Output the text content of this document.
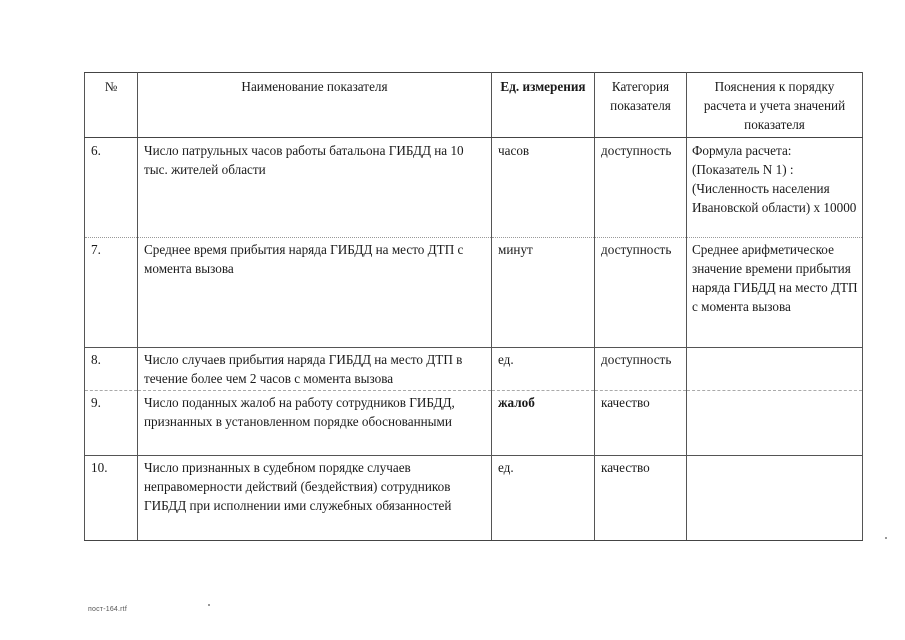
№	Наименование показателя	Ед. измерения	Категория показателя	Пояснения к порядку расчета и учета значений показателя
6.	Число патрульных часов работы батальона ГИБДД на 10 тыс. жителей области	часов	доступность	Формула расчета: (Показатель N 1) : (Численность населения Ивановской области) х 10000
7.	Среднее время прибытия наряда ГИБДД на место ДТП с момента вызова	минут	доступность	Среднее арифметическое значение времени прибытия наряда ГИБДД на место ДТП с момента вызова
8.	Число случаев прибытия наряда ГИБДД на место ДТП в течение более чем 2 часов с момента вызова	ед.	доступность	
9.	Число поданных жалоб на работу сотрудников ГИБДД, признанных в установленном порядке обоснованными	жалоб	качество	
10.	Число признанных в судебном порядке случаев неправомерности действий (бездействия) сотрудников ГИБДД при исполнении ими служебных обязанностей	ед.	качество	
пост-164.rtf
